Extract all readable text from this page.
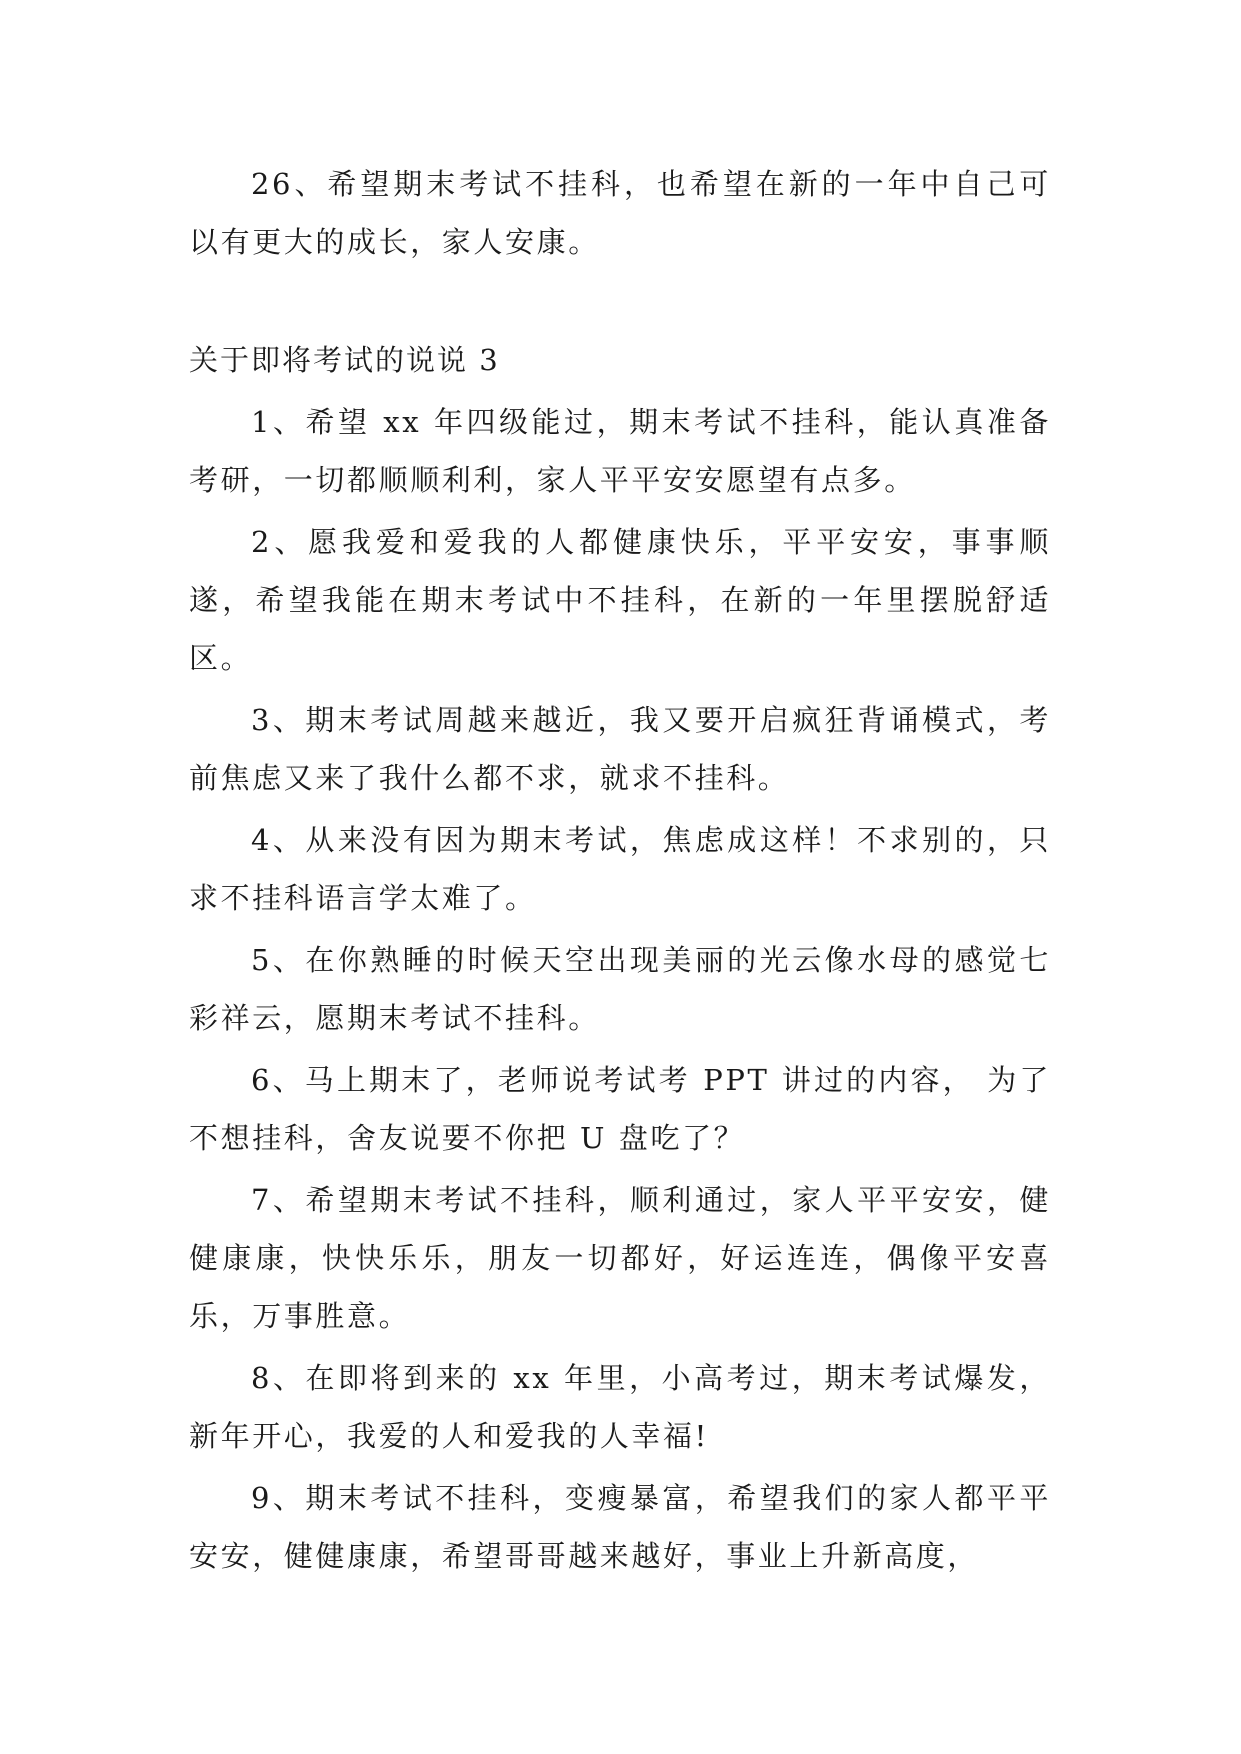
26、希望期末考试不挂科，也希望在新的一年中自己可以有更大的成长，家人安康。

关于即将考试的说说 3

1、希望 xx 年四级能过，期末考试不挂科，能认真准备考研，一切都顺顺利利，家人平平安安愿望有点多。

2、愿我爱和爱我的人都健康快乐，平平安安，事事顺遂，希望我能在期末考试中不挂科，在新的一年里摆脱舒适区。

3、期末考试周越来越近，我又要开启疯狂背诵模式，考前焦虑又来了我什么都不求，就求不挂科。

4、从来没有因为期末考试，焦虑成这样！不求别的，只求不挂科语言学太难了。

5、在你熟睡的时候天空出现美丽的光云像水母的感觉七彩祥云，愿期末考试不挂科。

6、马上期末了，老师说考试考 PPT 讲过的内容， 为了不想挂科，舍友说要不你把 U 盘吃了？

7、希望期末考试不挂科，顺利通过，家人平平安安，健健康康，快快乐乐，朋友一切都好，好运连连，偶像平安喜乐，万事胜意。

8、在即将到来的 xx 年里，小高考过，期末考试爆发，新年开心，我爱的人和爱我的人幸福!

9、期末考试不挂科，变瘦暴富，希望我们的家人都平平安安，健健康康，希望哥哥越来越好，事业上升新高度，
